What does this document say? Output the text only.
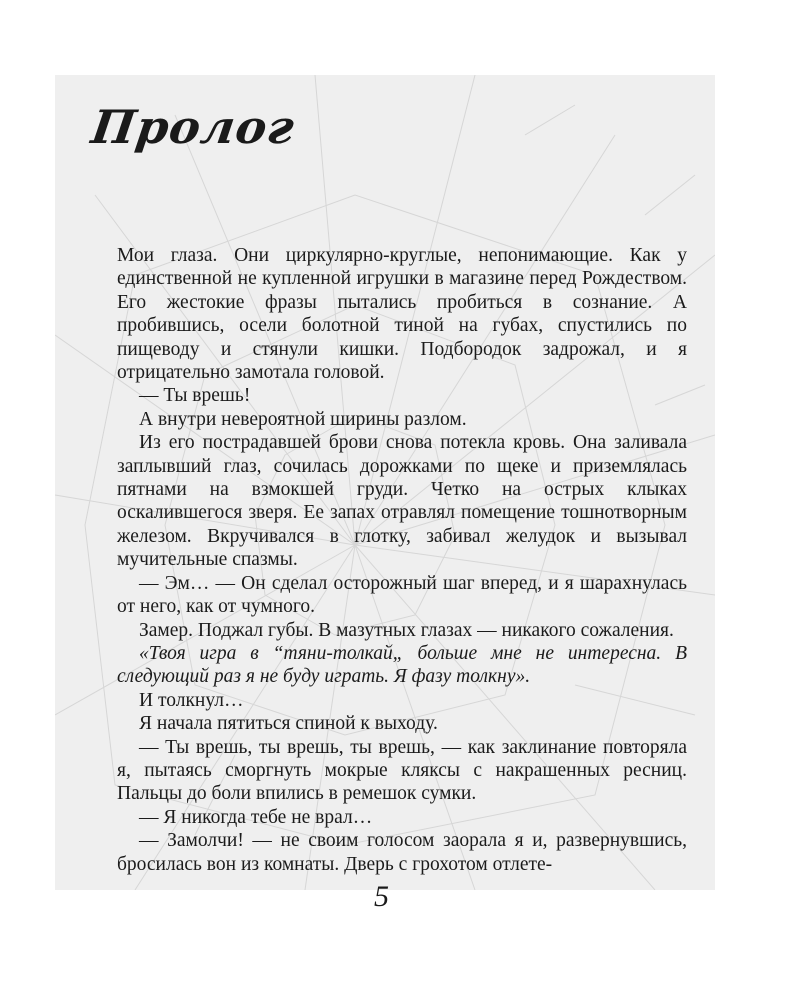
Пролог

Мои глаза. Они циркулярно-круглые, непонимающие. Как у единственной не купленной игрушки в магазине перед Рождеством. Его жестокие фразы пытались пробиться в сознание. А пробившись, осели болотной тиной на губах, спустились по пищеводу и стянули кишки. Подбородок задрожал, и я отрицательно замотала головой.

— Ты врешь!

А внутри невероятной ширины разлом.

Из его пострадавшей брови снова потекла кровь. Она заливала заплывший глаз, сочилась дорожками по щеке и приземлялась пятнами на взмокшей груди. Четко на острых клыках оскалившегося зверя. Ее запах отравлял помещение тошнотворным железом. Вкручивался в глотку, забивал желудок и вызывал мучительные спазмы.

— Эм… — Он сделал осторожный шаг вперед, и я шарахнулась от него, как от чумного.

Замер. Поджал губы. В мазутных глазах — никакого сожаления.

«Твоя игра в “тяни-толкай„ больше мне не интересна. В следующий раз я не буду играть. Я фазу толкну».

И толкнул…

Я начала пятиться спиной к выходу.

— Ты врешь, ты врешь, ты врешь, — как заклинание повторяла я, пытаясь сморгнуть мокрые кляксы с накрашенных ресниц. Пальцы до боли впились в ремешок сумки.

— Я никогда тебе не врал…

— Замолчи! — не своим голосом заорала я и, развернувшись, бросилась вон из комнаты. Дверь с грохотом отлете-

5
